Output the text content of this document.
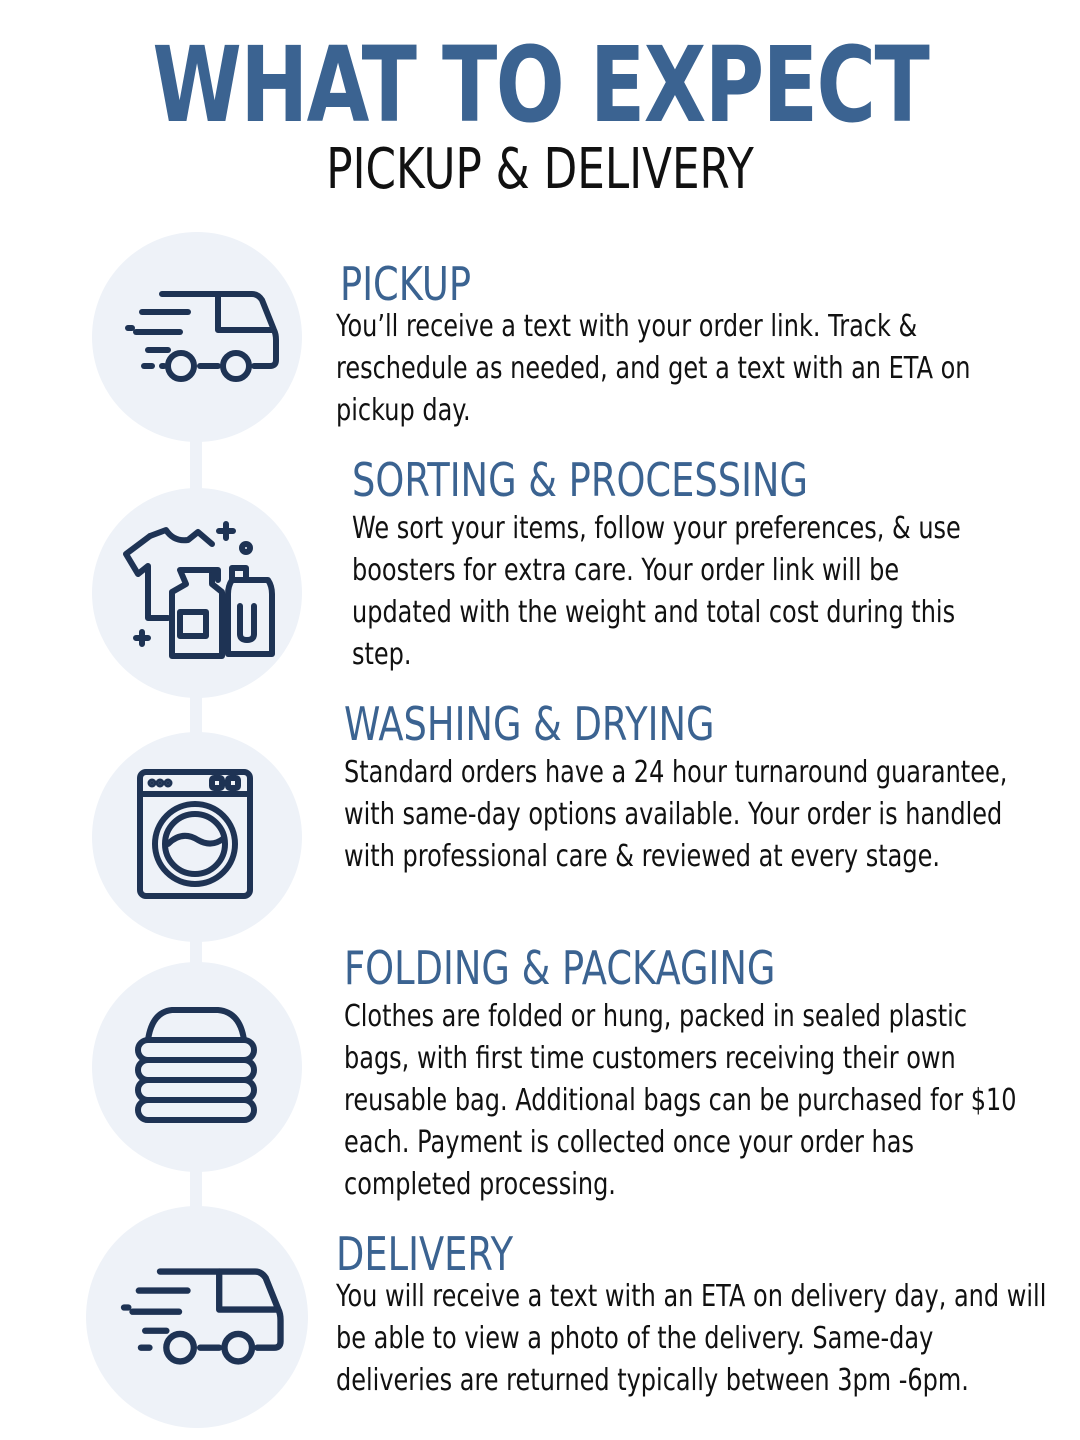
WHAT TO EXPECT
PICKUP & DELIVERY
PICKUP

You’ll receive a text with your order link. Track & reschedule as needed, and get a text with an ETA on pickup day.

SORTING & PROCESSING

We sort your items, follow your preferences, & use boosters for extra care. Your order link will be updated with the weight and total cost during this step.

WASHING & DRYING

Standard orders have a 24 hour turnaround guarantee, with same-day options available. Your order is handled with professional care & reviewed at every stage.

FOLDING & PACKAGING

Clothes are folded or hung, packed in sealed plastic bags, with first time customers receiving their own reusable bag. Additional bags can be purchased for $10 each. Payment is collected once your order has completed processing.

DELIVERY

You will receive a text with an ETA on delivery day, and will be able to view a photo of the delivery. Same-day deliveries are returned typically between 3pm -6pm.
